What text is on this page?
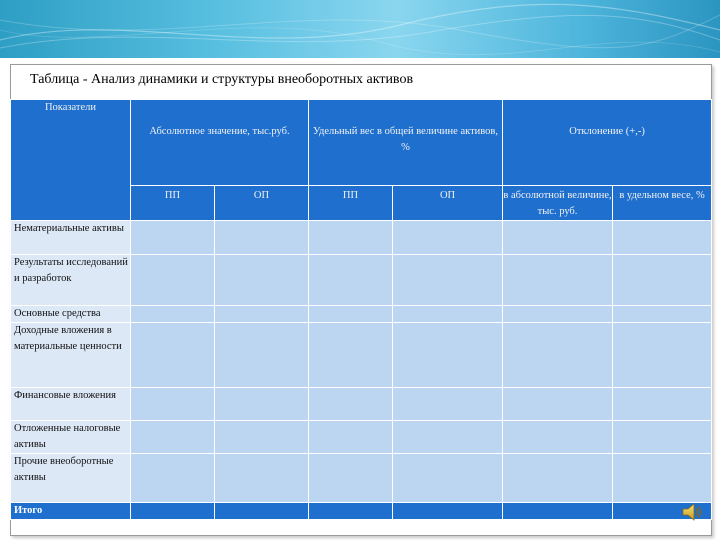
Таблица - Анализ динамики и структуры внеоборотных активов
Показатели	Абсолютное значение, тыс.руб.		Удельный вес в общей величине активов, %		Отклонение (+,-)	
	ПП	ОП	ПП	ОП	в абсолютной величине, тыс. руб.	в удельном весе, %
Нематериальные активы						
Результаты исследований и разработок						
Основные средства						
Доходные вложения в материальные ценности						
Финансовые вложения						
Отложенные налоговые активы						
Прочие внеоборотные активы						
Итого						
